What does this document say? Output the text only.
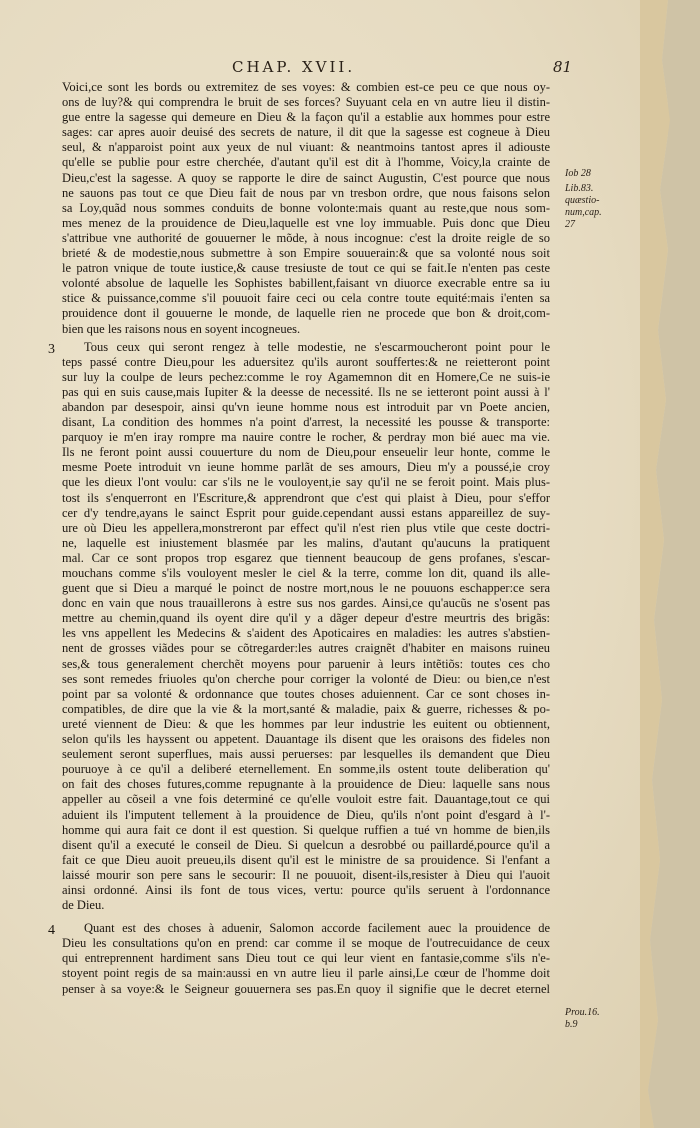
CHAP. XVII.	81
Iob 28
Lib.83. quæstio-num,cap. 27
Prou.16. b.9
Voici,ce sont les bords ou extremitez de ses voyes: & combien est-ce peu ce que nous oy-
ons de luy?& qui comprendra le bruit de ses forces? Suyuant cela en vn autre lieu il distin-
gue entre la sagesse qui demeure en Dieu & la façon qu'il a establie aux hommes pour estre
sages: car apres auoir deuisé des secrets de nature, il dit que la sagesse est cogneue à Dieu
seul, & n'apparoist point aux yeux de nul viuant: & neantmoins tantost apres il adiouste
qu'elle se publie pour estre cherchée, d'autant qu'il est dit à l'homme, Voicy,la crainte de
Dieu,c'est la sagesse. A quoy se rapporte le dire de sainct Augustin, C'est pource que nous
ne sauons pas tout ce que Dieu fait de nous par vn tresbon ordre, que nous faisons selon
sa Loy,quãd nous sommes conduits de bonne volonte:mais quant au reste,que nous som-
mes menez de la prouidence de Dieu,laquelle est vne loy immuable. Puis donc que Dieu
s'attribue vne authorité de gouuerner le mõde, à nous incognue: c'est la droite reigle de so
brieté & de modestie,nous submettre à son Empire souuerain:& que sa volonté nous soit
le patron vnique de toute iustice,& cause tresiuste de tout ce qui se fait.Ie n'enten pas ceste
volonté absolue de laquelle les Sophistes babillent,faisant vn diuorce execrable entre sa iu
stice & puissance,comme s'il pouuoit faire ceci ou cela contre toute equité:mais i'enten sa
prouidence dont il gouuerne le monde, de laquelle rien ne procede que bon & droit,com-
bien que les raisons nous en soyent incogneues.
3	Tous ceux qui seront rengez à telle modestie, ne s'escarmoucheront point pour le
teps passé contre Dieu,pour les aduersitez qu'ils auront souffertes:& ne reietteront point
sur luy la coulpe de leurs pechez:comme le roy Agamemnon dit en Homere,Ce ne suis-ie
pas qui en suis cause,mais Iupiter & la deesse de necessité. Ils ne se ietteront point aussi à l'
abandon par desespoir, ainsi qu'vn ieune homme nous est introduit par vn Poete ancien,
disant, La condition des hommes n'a point d'arrest, la necessité les pousse & transporte:
parquoy ie m'en iray rompre ma nauire contre le rocher, & perdray mon bié auec ma vie.
Ils ne feront point aussi couuerture du nom de Dieu,pour enseuelir leur honte, comme le
mesme Poete introduit vn ieune homme parlãt de ses amours, Dieu m'y a poussé,ie croy
que les dieux l'ont voulu: car s'ils ne le vouloyent,ie say qu'il ne se feroit point. Mais plus-
tost ils s'enquerront en l'Escriture,& apprendront que c'est qui plaist à Dieu, pour s'effor
cer d'y tendre,ayans le sainct Esprit pour guide.cependant aussi estans appareillez de suy-
ure où Dieu les appellera,monstreront par effect qu'il n'est rien plus vtile que ceste doctri-
ne, laquelle est iniustement blasmée par les malins, d'autant qu'aucuns la pratiquent
mal. Car ce sont propos trop esgarez que tiennent beaucoup de gens profanes, s'escar-
mouchans comme s'ils vouloyent mesler le ciel & la terre, comme lon dit, quand ils alle-
guent que si Dieu a marqué le poinct de nostre mort,nous le ne pouuons eschapper:ce sera
donc en vain que nous trauaillerons à estre sus nos gardes. Ainsi,ce qu'aucũs ne s'osent pas
mettre au chemin,quand ils oyent dire qu'il y a dãger depeur d'estre meurtris des brigãs:
les vns appellent les Medecins & s'aident des Apoticaires en maladies: les autres s'abstien-
nent de grosses viãdes pour se cõtregarder:les autres craignẽt d'habiter en maisons ruineu
ses,& tous generalement cherchẽt moyens pour paruenir à leurs intẽtiõs: toutes ces cho
ses sont remedes friuoles qu'on cherche pour corriger la volonté de Dieu: ou bien,ce n'est
point par sa volonté & ordonnance que toutes choses aduiennent. Car ce sont choses in-
compatibles, de dire que la vie & la mort,santé & maladie, paix & guerre, richesses & po-
ureté viennent de Dieu: & que les hommes par leur industrie les euitent ou obtiennent,
selon qu'ils les hayssent ou appetent. Dauantage ils disent que les oraisons des fideles non
seulement seront superflues, mais aussi peruerses: par lesquelles ils demandent que Dieu
pouruoye à ce qu'il a deliberé eternellement. En somme,ils ostent toute deliberation qu'
on fait des choses futures,comme repugnante à la prouidence de Dieu: laquelle sans nous
appeller au cõseil a vne fois determiné ce qu'elle vouloit estre fait. Dauantage,tout ce qui
aduient ils l'imputent tellement à la prouidence de Dieu, qu'ils n'ont point d'esgard à l'-
homme qui aura fait ce dont il est question. Si quelque ruffien a tué vn homme de bien,ils
disent qu'il a executé le conseil de Dieu. Si quelcun a desrobbé ou paillardé,pource qu'il a
fait ce que Dieu auoit preueu,ils disent qu'il est le ministre de sa prouidence. Si l'enfant a
laissé mourir son pere sans le secourir: Il ne pouuoit, disent-ils,resister à Dieu qui l'auoit
ainsi ordonné. Ainsi ils font de tous vices, vertu: pource qu'ils seruent à l'ordonnance
de Dieu.
4	Quant est des choses à aduenir, Salomon accorde facilement auec la prouidence de
Dieu les consultations qu'on en prend: car comme il se moque de l'outrecuidance de ceux
qui entreprennent hardiment sans Dieu tout ce qui leur vient en fantasie,comme s'ils n'e-
stoyent point regis de sa main:aussi en vn autre lieu il parle ainsi,Le cœur de l'homme doit
penser à sa voye:& le Seigneur gouuernera ses pas.En quoy il signifie que le decret eternel
